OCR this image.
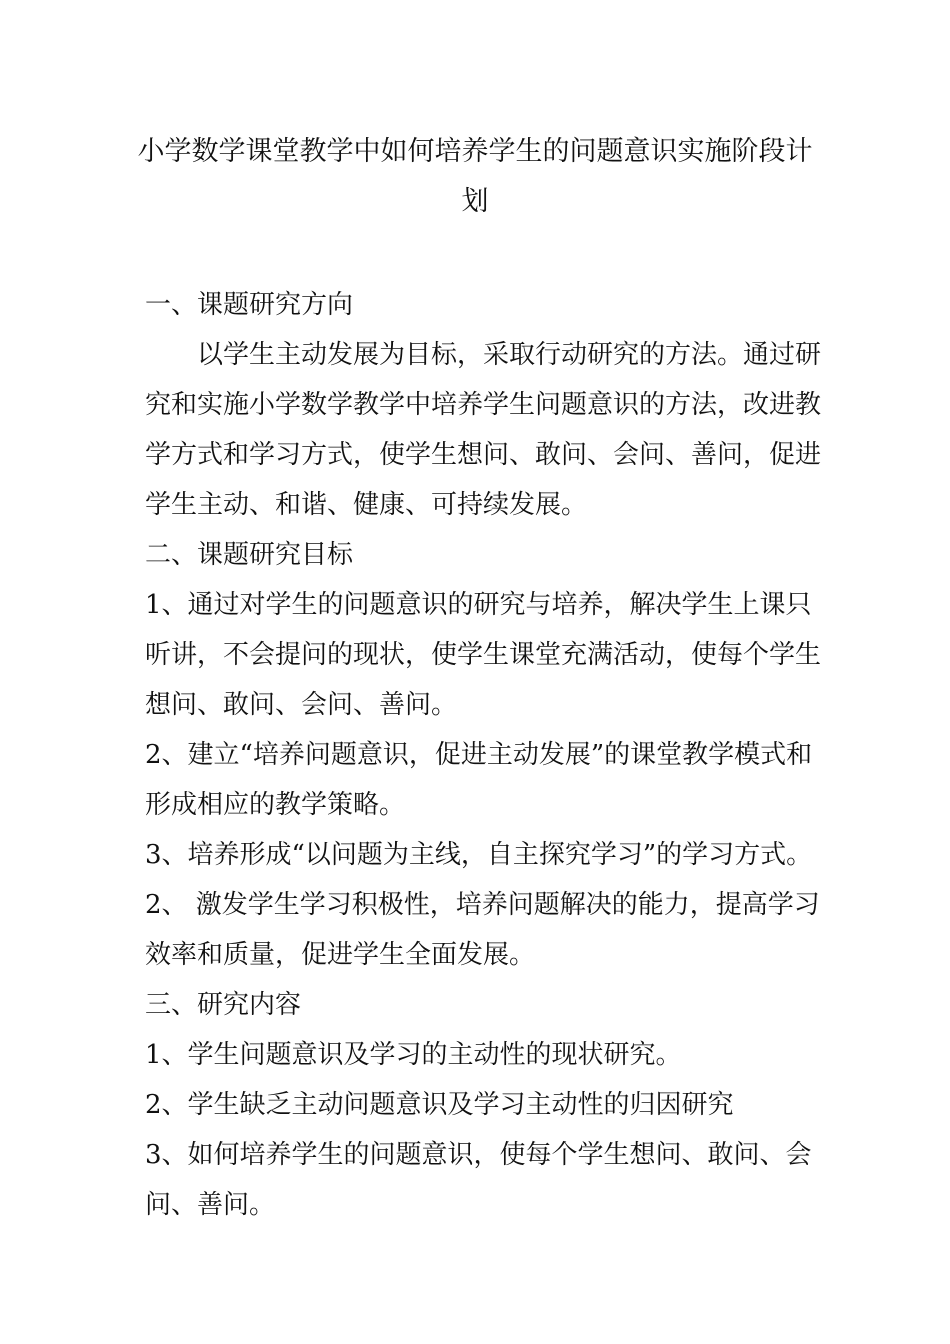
小学数学课堂教学中如何培养学生的问题意识实施阶段计
划

一、课题研究方向

以学生主动发展为目标，采取行动研究的方法。通过研究和实施小学数学教学中培养学生问题意识的方法，改进教学方式和学习方式，使学生想问、敢问、会问、善问，促进学生主动、和谐、健康、可持续发展。

二、课题研究目标

1、通过对学生的问题意识的研究与培养，解决学生上课只听讲，不会提问的现状，使学生课堂充满活动，使每个学生想问、敢问、会问、善问。

2、建立“培养问题意识，促进主动发展”的课堂教学模式和形成相应的教学策略。

3、培养形成“以问题为主线，自主探究学习”的学习方式。

2、 激发学生学习积极性，培养问题解决的能力，提高学习效率和质量，促进学生全面发展。

三、研究内容

1、学生问题意识及学习的主动性的现状研究。

2、学生缺乏主动问题意识及学习主动性的归因研究

3、如何培养学生的问题意识，使每个学生想问、敢问、会问、善问。
